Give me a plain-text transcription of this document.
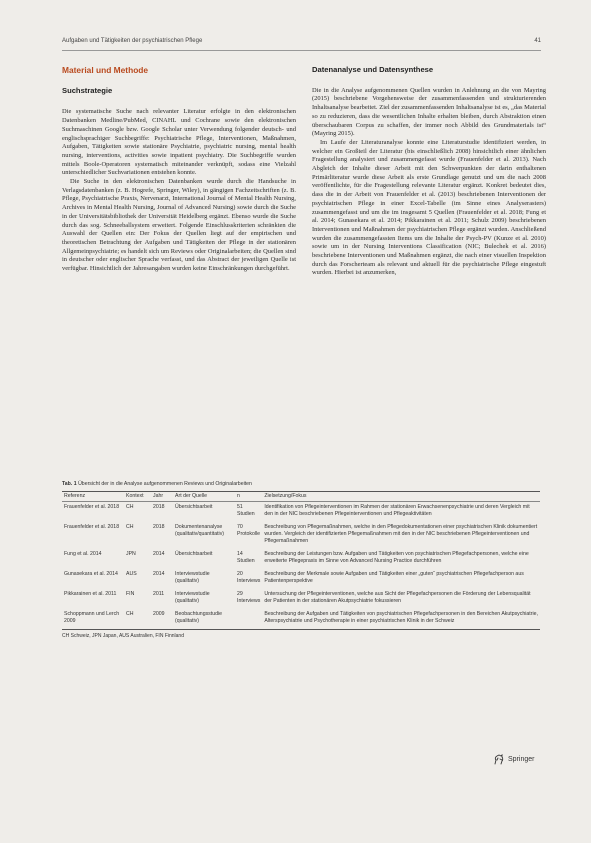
Aufgaben und Tätigkeiten der psychiatrischen Pflege	41
Material und Methode
Suchstrategie

Die systematische Suche nach relevanter Literatur erfolgte in den elektronischen Datenbanken Medline/PubMed, CINAHL und Cochrane sowie den elektronischen Suchmaschinen Google bzw. Google Scholar unter Verwendung folgender deutsch- und englischsprachiger Suchbegriffe: Psychiatrische Pflege, Interventionen, Maßnahmen, Aufgaben, Tätigkeiten sowie stationäre Psychiatrie, psychiatric nursing, mental health nursing, interventions, activities sowie inpatient psychiatry. Die Suchbegriffe wurden mittels Boole-Operatoren systematisch miteinander verknüpft, sodass eine Vielzahl unterschiedlicher Suchvariationen entstehen konnte.

Die Suche in den elektronischen Datenbanken wurde durch die Handsuche in Verlagsdatenbanken (z. B. Hogrefe, Springer, Wiley), in gängigen Fachzeitschriften (z. B. Pflege, Psychiatrische Praxis, Nervenarzt, International Journal of Mental Health Nursing, Archives in Mental Health Nursing, Journal of Advanced Nursing) sowie durch die Suche in der Universitätsbibliothek der Universität Heidelberg ergänzt. Ebenso wurde die Suche durch das sog. Schneeballsystem erweitert. Folgende Einschlusskriterien schränkten die Auswahl der Quellen ein: Der Fokus der Quellen liegt auf der empirischen und theoretischen Betrachtung der Aufgaben und Tätigkeiten der Pflege in der stationären Allgemeinpsychiatrie; es handelt sich um Reviews oder Originalarbeiten; die Quellen sind in deutscher oder englischer Sprache verfasst, und das Abstract der jeweiligen Quelle ist verfügbar. Hinsichtlich der Jahresangaben wurden keine Einschränkungen durchgeführt.

Datenanalyse und Datensynthese

Die in die Analyse aufgenommenen Quellen wurden in Anlehnung an die von Mayring (2015) beschriebene Vorgehensweise der zusammenfassenden und strukturierenden Inhaltsanalyse bearbeitet. Ziel der zusammenfassenden Inhaltsanalyse ist es, „das Material so zu reduzieren, dass die wesentlichen Inhalte erhalten bleiben, durch Abstraktion einen überschaubaren Corpus zu schaffen, der immer noch Abbild des Grundmaterials ist“ (Mayring 2015).

Im Laufe der Literaturanalyse konnte eine Literaturstudie identifiziert werden, in welcher ein Großteil der Literatur (bis einschließlich 2008) hinsichtlich einer ähnlichen Fragestellung analysiert und zusammengefasst wurde (Frauenfelder et al. 2013). Nach Abgleich der Inhalte dieser Arbeit mit den Schwerpunkten der darin enthaltenen Primärliteratur wurde diese Arbeit als erste Grundlage genutzt und um die nach 2008 veröffentlichte, für die Fragestellung relevante Literatur ergänzt. Konkret bedeutet dies, dass die in der Arbeit von Frauenfelder et al. (2013) beschriebenen Interventionen der psychiatrischen Pflege in einer Excel-Tabelle (im Sinne eines Analyserasters) zusammengefasst und um die im insgesamt 5 Quellen (Frauenfelder et al. 2018; Fung et al. 2014; Gunasekara et al. 2014; Pikkarainen et al. 2011; Schulz 2009) beschriebenen Interventionen und Maßnahmen der psychiatrischen Pflege ergänzt wurden. Anschließend wurden die zusammengefassten Items um die Inhalte der Psych-PV (Kunze et al. 2010) sowie um in der Nursing Interventions Classification (NIC; Bulechek et al. 2016) beschriebene Interventionen und Maßnahmen ergänzt, die nach einer visuellen Inspektion durch das Forscherteam als relevant und aktuell für die psychiatrische Pflege eingestuft wurden. Hierbei ist anzumerken,

Tab. 1 Übersicht der in die Analyse aufgenommenen Reviews und Originalarbeiten
Referenz	Kontext	Jahr	Art der Quelle	n	Zielsetzung/Fokus
Frauenfelder et al. 2018	CH	2018	Übersichtsarbeit	51 Studien	Identifikation von Pflegeinterventionen im Rahmen der stationären Erwachsenenpsychiatrie und deren Vergleich mit den in der NIC beschriebenen Pflegeinterventionen und Pflegeaktivitäten
Frauenfelder et al. 2018	CH	2018	Dokumentenanalyse (qualitativ/quantitativ)	70 Protokolle	Beschreibung von Pflegemaßnahmen, welche in den Pflegedokumentationen einer psychiatrischen Klinik dokumentiert wurden. Vergleich der identifizierten Pflegemaßnahmen mit den in der NIC beschriebenen Pflegeinterventionen und Pflegemaßnahmen
Fung et al. 2014	JPN	2014	Übersichtsarbeit	14 Studien	Beschreibung der Leistungen bzw. Aufgaben und Tätigkeiten von psychiatrischen Pflegefachpersonen, welche eine erweiterte Pflegepraxis im Sinne von Advanced Nursing Practice durchführen
Gunasekara et al. 2014	AUS	2014	Interviewstudie (qualitativ)	20 Interviews	Beschreibung der Merkmale sowie Aufgaben und Tätigkeiten einer „guten“ psychiatrischen Pflegefachperson aus Patientenperspektive
Pikkarainen et al. 2011	FIN	2011	Interviewstudie (qualitativ)	29 Interviews	Untersuchung der Pflegeinterventionen, welche aus Sicht der Pflegefachpersonen die Förderung der Lebensqualität der Patienten in der stationären Akutpsychiatrie fokussieren
Schoppmann und Lerch 2009	CH	2009	Beobachtungsstudie (qualitativ)		Beschreibung der Aufgaben und Tätigkeiten von psychiatrischen Pflegefachpersonen in den Bereichen Akutpsychiatrie, Alterspsychiatrie und Psychotherapie in einer psychiatrischen Klinik in der Schweiz
CH Schweiz, JPN Japan, AUS Australien, FIN Finnland
Springer
